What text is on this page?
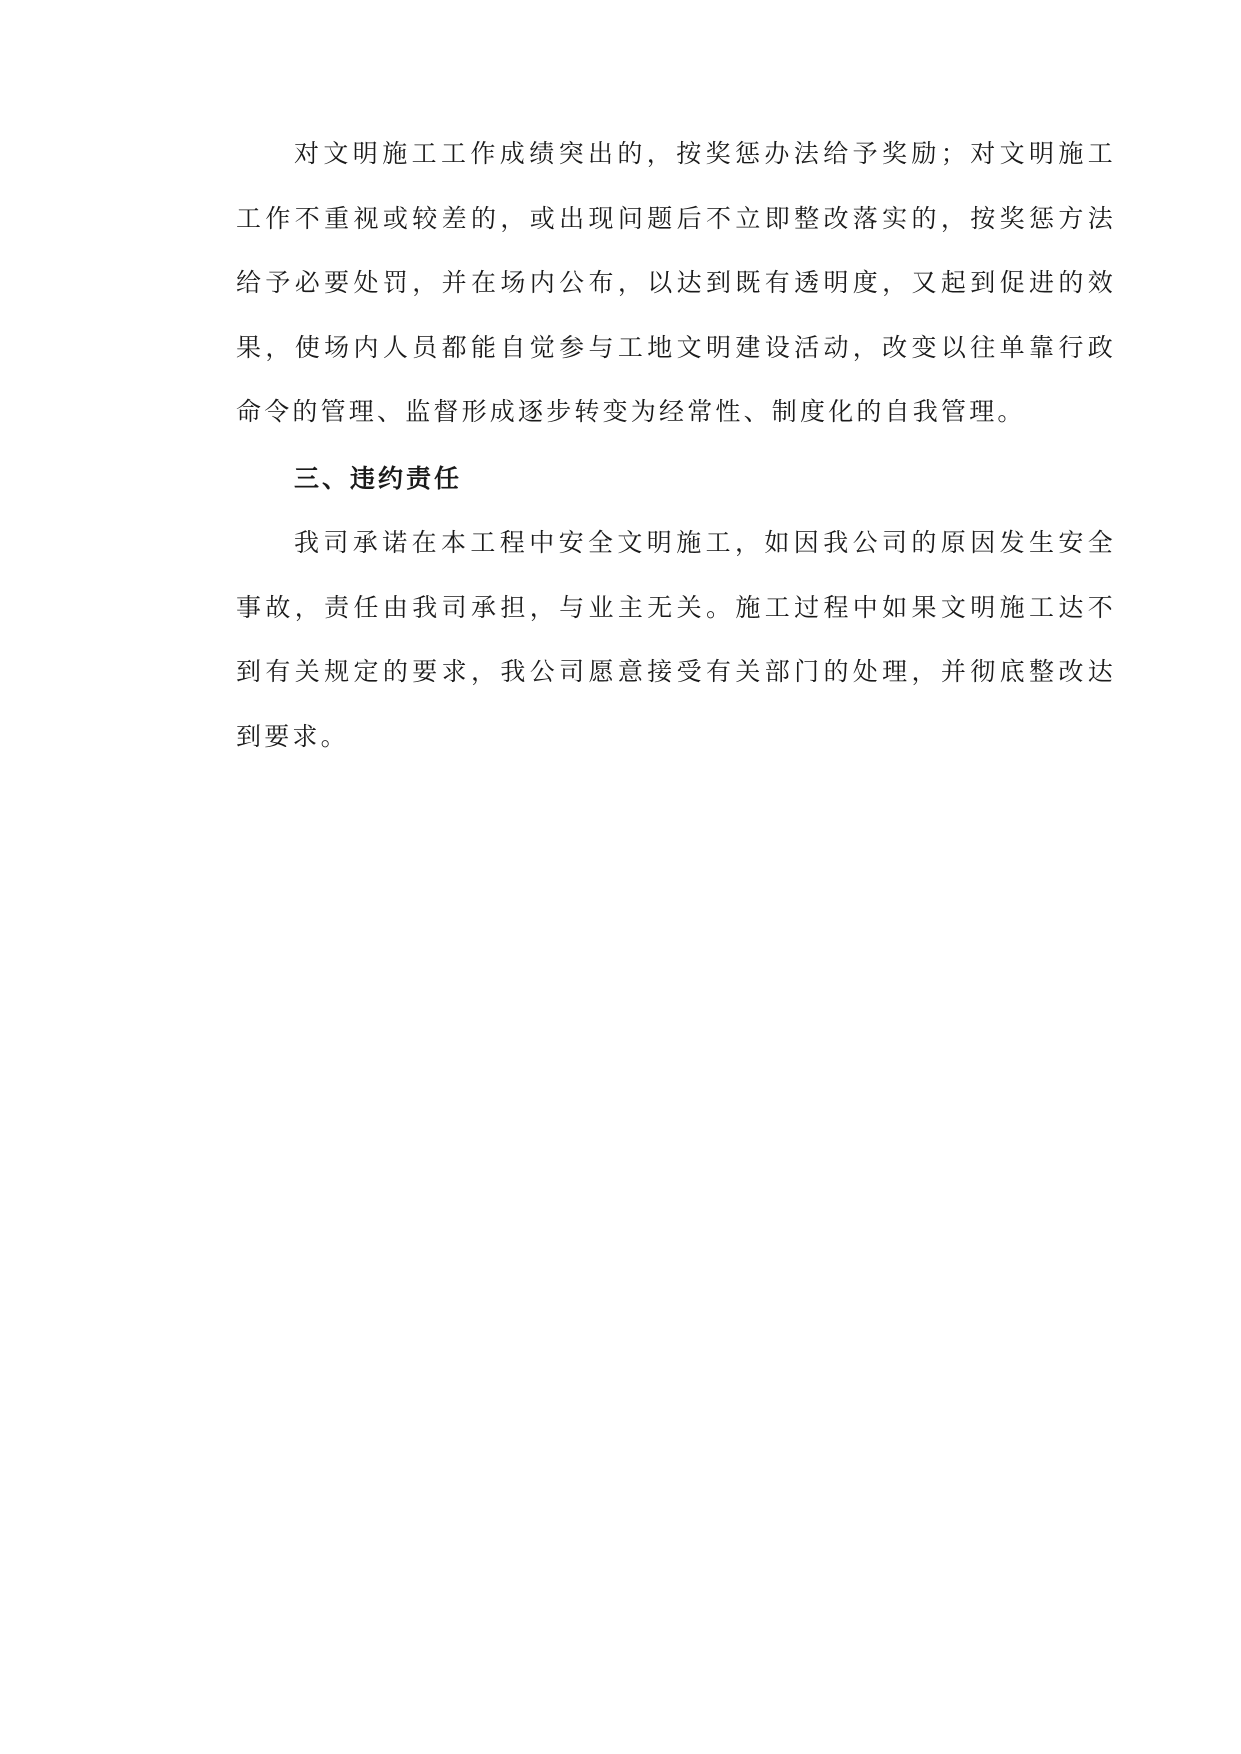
对文明施工工作成绩突出的，按奖惩办法给予奖励；对文明施工
工作不重视或较差的，或出现问题后不立即整改落实的，按奖惩方法
给予必要处罚，并在场内公布，以达到既有透明度，又起到促进的效
果，使场内人员都能自觉参与工地文明建设活动，改变以往单靠行政
命令的管理、监督形成逐步转变为经常性、制度化的自我管理。

三、违约责任

我司承诺在本工程中安全文明施工，如因我公司的原因发生安全
事故，责任由我司承担，与业主无关。施工过程中如果文明施工达不
到有关规定的要求，我公司愿意接受有关部门的处理，并彻底整改达
到要求。
